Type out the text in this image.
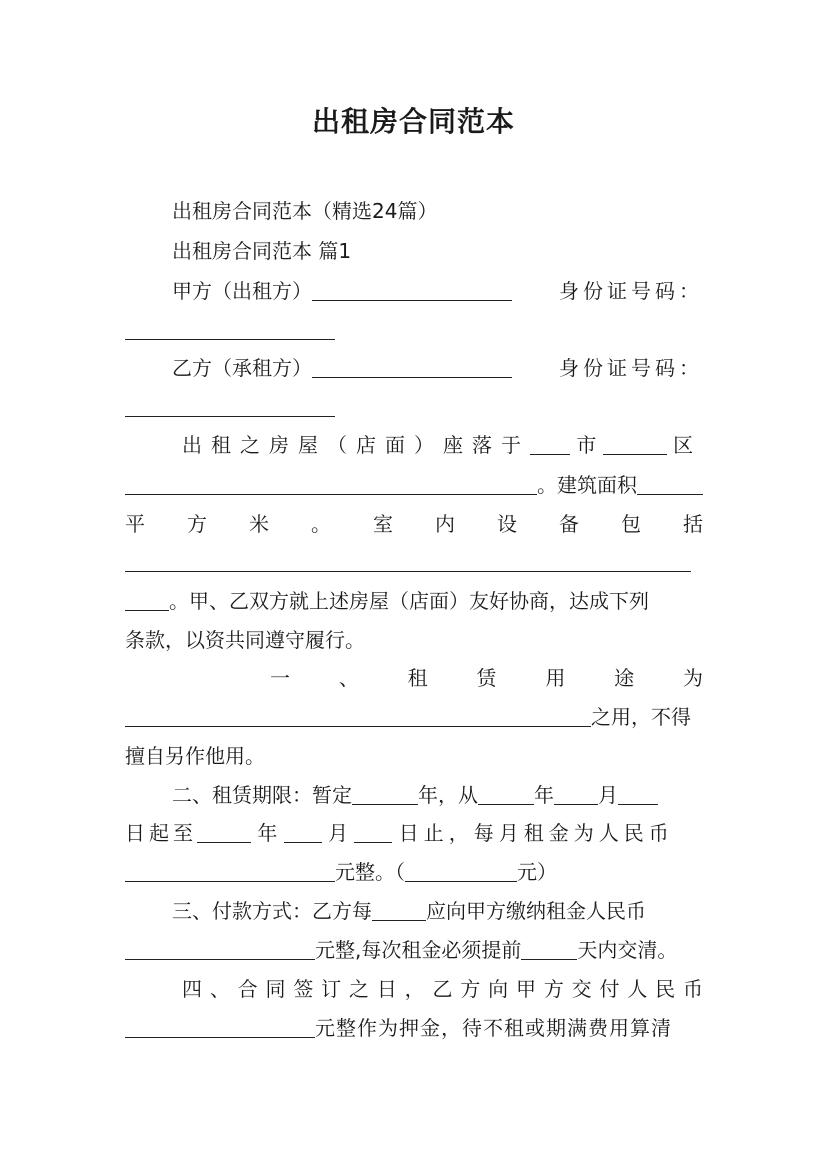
出租房合同范本
出租房合同范本（精选24篇）
出租房合同范本 篇1
甲方（出租方）	身份证号码：
乙方（承租方）	身份证号码：
出租之房屋（店面）座落于 市	区
。建筑面积
平方米。室内设备包括
。甲、乙双方就上述房屋（店面）友好协商，达成下列
条款，以资共同遵守履行。
一、租赁用途为
之用，不得
擅自另作他用。
二、租赁期限：暂定	年，从	年 月
日起至	年	月	日止，每月租金为人民币
元整。（	元）
三、付款方式：乙方每	应向甲方缴纳租金人民币
元整,每次租金必须提前	天内交清。
四、合同签订之日，乙方向甲方交付人民币
元整作为押金，待不租或期满费用算清
